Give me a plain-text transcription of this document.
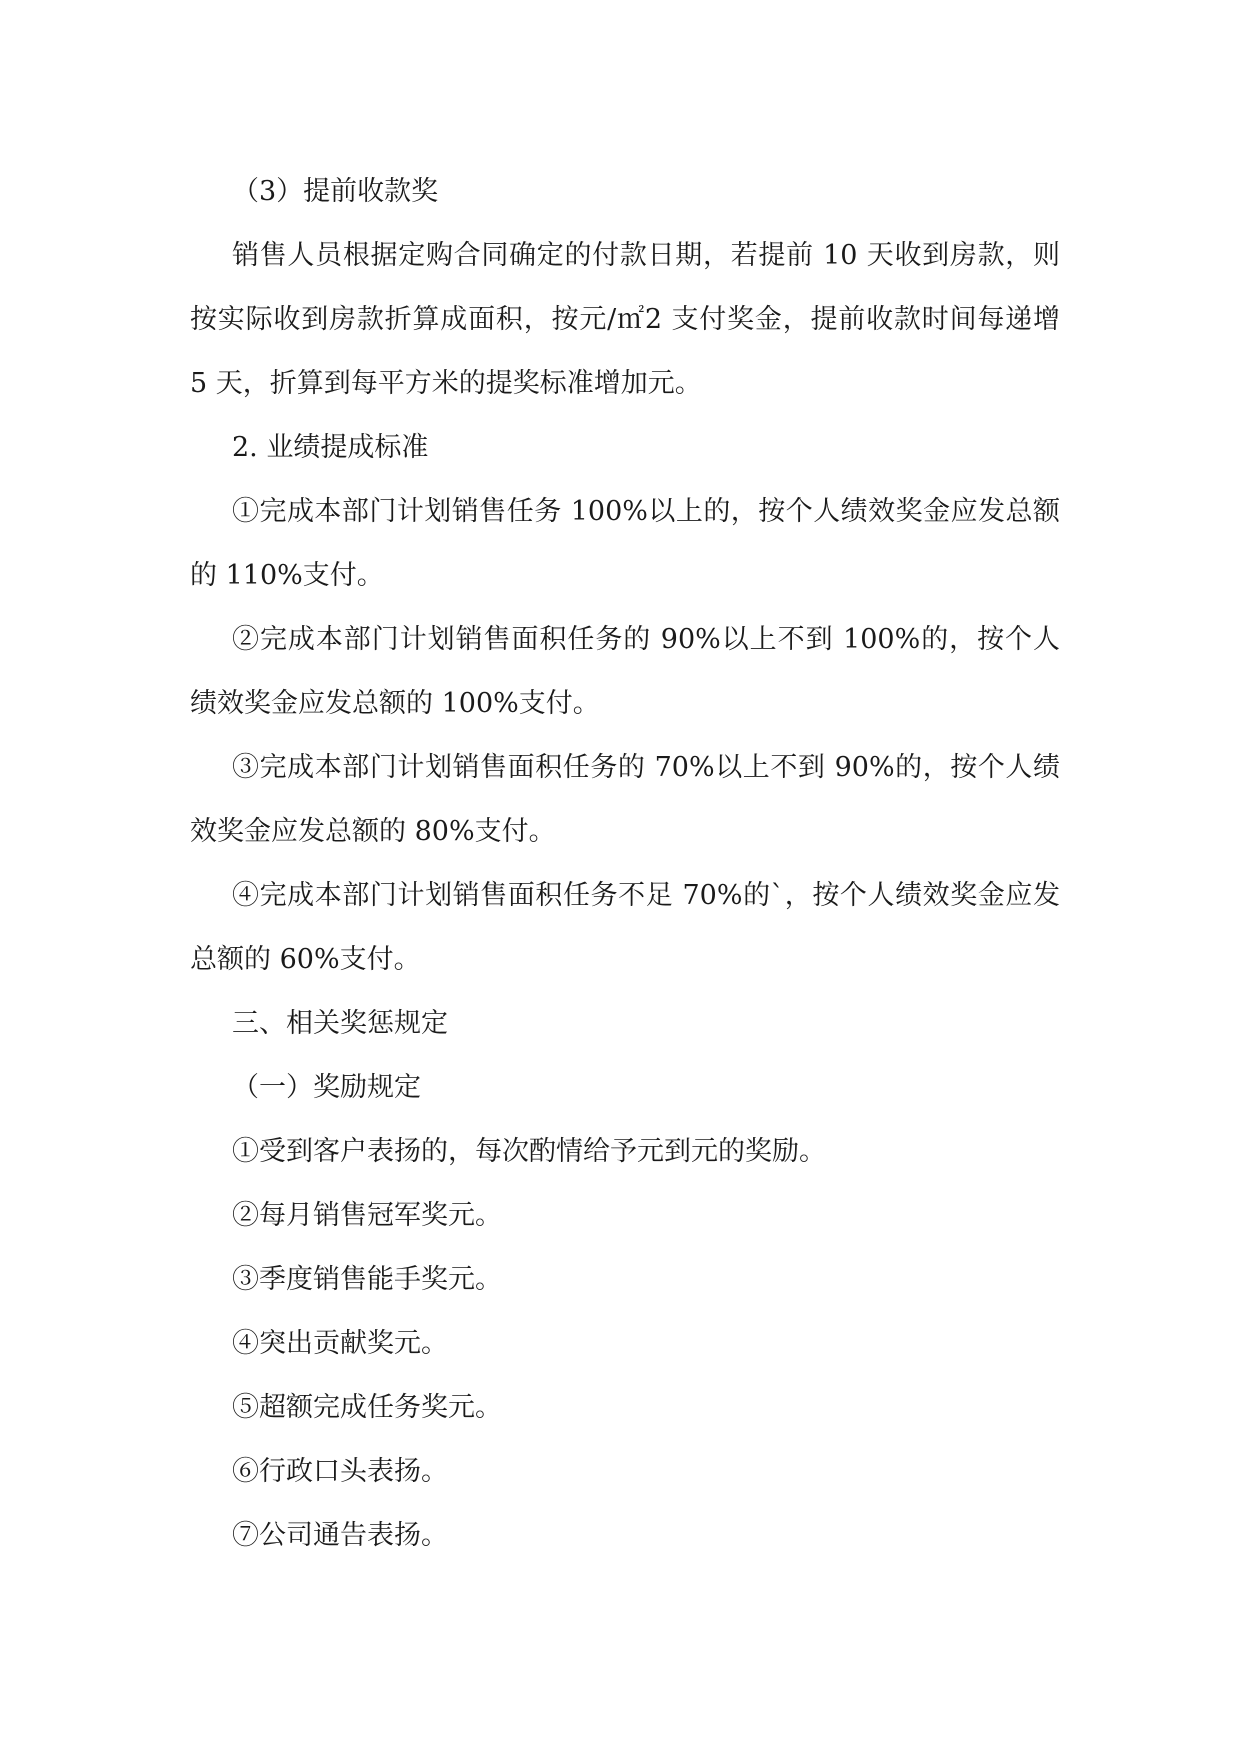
（3）提前收款奖

销售人员根据定购合同确定的付款日期，若提前 10 天收到房款，则按实际收到房款折算成面积，按元/㎡2 支付奖金，提前收款时间每递增 5 天，折算到每平方米的提奖标准增加元。

2. 业绩提成标准

①完成本部门计划销售任务 100%以上的，按个人绩效奖金应发总额的 110%支付。

②完成本部门计划销售面积任务的 90%以上不到 100%的，按个人绩效奖金应发总额的 100%支付。

③完成本部门计划销售面积任务的 70%以上不到 90%的，按个人绩效奖金应发总额的 80%支付。

④完成本部门计划销售面积任务不足 70%的`，按个人绩效奖金应发总额的 60%支付。

三、相关奖惩规定

（一）奖励规定

①受到客户表扬的，每次酌情给予元到元的奖励。

②每月销售冠军奖元。

③季度销售能手奖元。

④突出贡献奖元。

⑤超额完成任务奖元。

⑥行政口头表扬。

⑦公司通告表扬。
